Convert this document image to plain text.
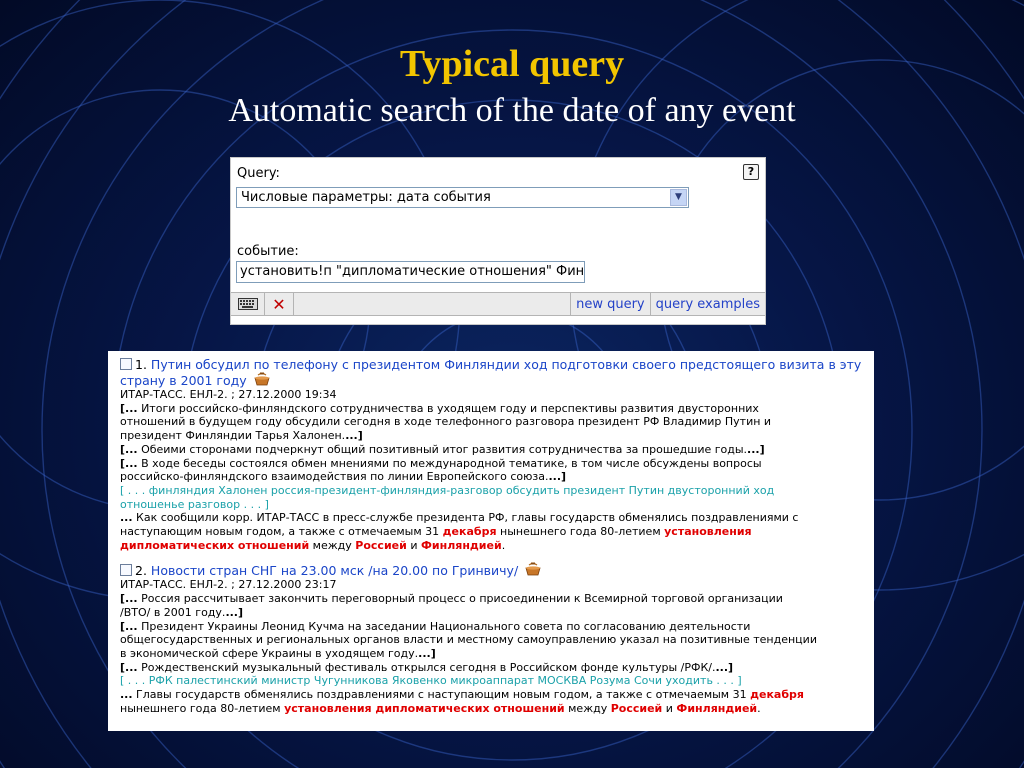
Typical query
Automatic search of the date of any event
Query:	?
Числовые параметры: дата события	▼
событие:
установить!п "дипломатические отношения" Фин
✕	new query query examples
1. Путин обсудил по телефону с президентом Финляндии ход подготовки своего предстоящего визита в эту
страну в 2001 году
ИТАР-ТАСС. ЕНЛ-2. ; 27.12.2000 19:34
[... Итоги российско-финляндского сотрудничества в уходящем году и перспективы развития двусторонних
отношений в будущем году обсудили сегодня в ходе телефонного разговора президент РФ Владимир Путин и
президент Финляндии Тарья Халонен....]
[... Обеими сторонами подчеркнут общий позитивный итог развития сотрудничества за прошедшие годы....]
[... В ходе беседы состоялся обмен мнениями по международной тематике, в том числе обсуждены вопросы
российско-финляндского взаимодействия по линии Европейского союза....]
[ . . . финляндия Халонен россия-президент-финляндия-разговор обсудить президент Путин двусторонний ход
отношенье разговор . . . ]
... Как сообщили корр. ИТАР-ТАСС в пресс-службе президента РФ, главы государств обменялись поздравлениями с
наступающим новым годом, а также с отмечаемым 31 декабря нынешнего года 80-летием установления
дипломатических отношений между Россией и Финляндией.
2. Новости стран СНГ на 23.00 мск /на 20.00 по Гринвичу/
ИТАР-ТАСС. ЕНЛ-2. ; 27.12.2000 23:17
[... Россия рассчитывает закончить переговорный процесс о присоединении к Всемирной торговой организации
/ВТО/ в 2001 году....]
[... Президент Украины Леонид Кучма на заседании Национального совета по согласованию деятельности
общегосударственных и региональных органов власти и местному самоуправлению указал на позитивные тенденции
в экономической сфере Украины в уходящем году....]
[... Рождественский музыкальный фестиваль открылся сегодня в Российском фонде культуры /РФК/....]
[ . . . РФК палестинский министр Чугунникова Яковенко микроаппарат МОСКВА Розума Сочи уходить . . . ]
... Главы государств обменялись поздравлениями с наступающим новым годом, а также с отмечаемым 31 декабря
нынешнего года 80-летием установления дипломатических отношений между Россией и Финляндией.
